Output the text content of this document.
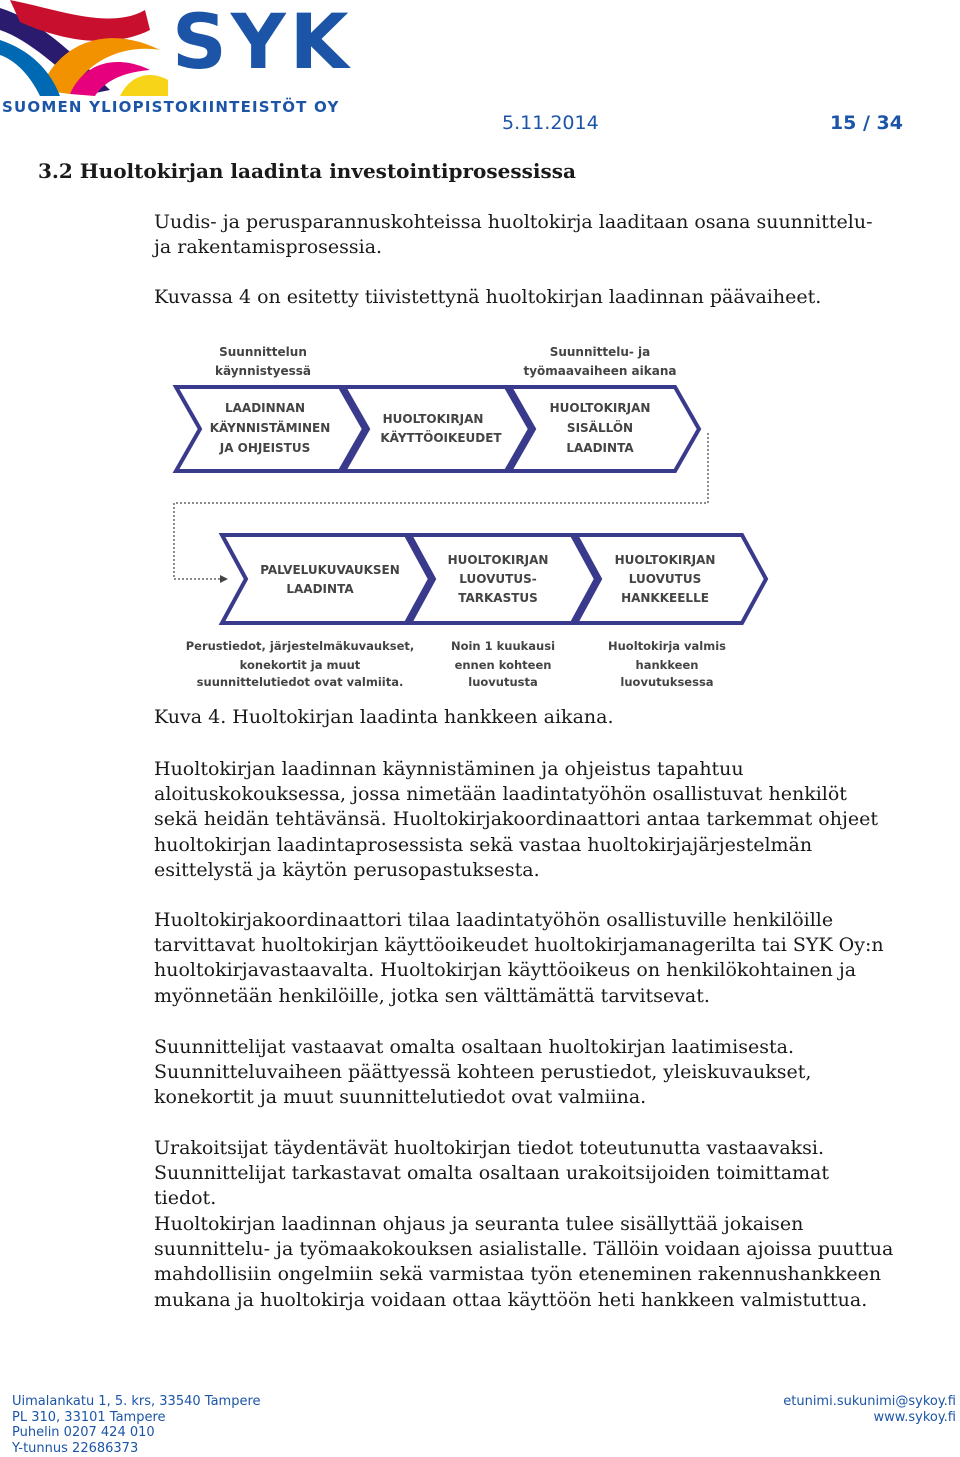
SYK
SUOMEN YLIOPISTOKIINTEISTÖT OY
5.11.2014	15 / 34
3.2 Huoltokirjan laadinta investointiprosessissa

Uudis- ja perusparannuskohteissa huoltokirja laaditaan osana suunnittelu- ja rakentamisprosessia.

Kuvassa 4 on esitetty tiivistettynä huoltokirjan laadinnan päävaiheet.

Suunnittelun
käynnistyessä
Suunnittelu- ja
työmaavaiheen aikana
LAADINNAN
KÄYNNISTÄMINEN
JA OHJEISTUS
HUOLTOKIRJAN
KÄYTTÖOIKEUDET
HUOLTOKIRJAN
SISÄLLÖN
LAADINTA
PALVELUKUVAUKSEN
LAADINTA
HUOLTOKIRJAN
LUOVUTUS-
TARKASTUS
HUOLTOKIRJAN
LUOVUTUS
HANKKEELLE
Perustiedot, järjestelmäkuvaukset,
konekortit ja muut
suunnittelutiedot ovat valmiita.
Noin 1 kuukausi
ennen kohteen
luovutusta
Huoltokirja valmis
hankkeen
luovutuksessa
Kuva 4. Huoltokirjan laadinta hankkeen aikana.

Huoltokirjan laadinnan käynnistäminen ja ohjeistus tapahtuu aloituskokouksessa, jossa nimetään laadintatyöhön osallistuvat henkilöt sekä heidän tehtävänsä. Huoltokirjakoordinaattori antaa tarkemmat ohjeet huoltokirjan laadintaprosessista sekä vastaa huoltokirjajärjestelmän esittelystä ja käytön perusopastuksesta.

Huoltokirjakoordinaattori tilaa laadintatyöhön osallistuville henkilöille tarvittavat huoltokirjan käyttöoikeudet huoltokirjamanagerilta tai SYK Oy:n huoltokirjavastaavalta. Huoltokirjan käyttöoikeus on henkilökohtainen ja myönnetään henkilöille, jotka sen välttämättä tarvitsevat.

Suunnittelijat vastaavat omalta osaltaan huoltokirjan laatimisesta. Suunnitteluvaiheen päättyessä kohteen perustiedot, yleiskuvaukset, konekortit ja muut suunnittelutiedot ovat valmiina.

Urakoitsijat täydentävät huoltokirjan tiedot toteutunutta vastaavaksi. Suunnittelijat tarkastavat omalta osaltaan urakoitsijoiden toimittamat tiedot.

Huoltokirjan laadinnan ohjaus ja seuranta tulee sisällyttää jokaisen suunnittelu- ja työmaakokouksen asialistalle. Tällöin voidaan ajoissa puuttua mahdollisiin ongelmiin sekä varmistaa työn eteneminen rakennushankkeen mukana ja huoltokirja voidaan ottaa käyttöön heti hankkeen valmistuttua.

Uimalankatu 1, 5. krs, 33540 Tampere
PL 310, 33101 Tampere
Puhelin 0207 424 010
Y-tunnus 22686373
etunimi.sukunimi@sykoy.fi
www.sykoy.fi
